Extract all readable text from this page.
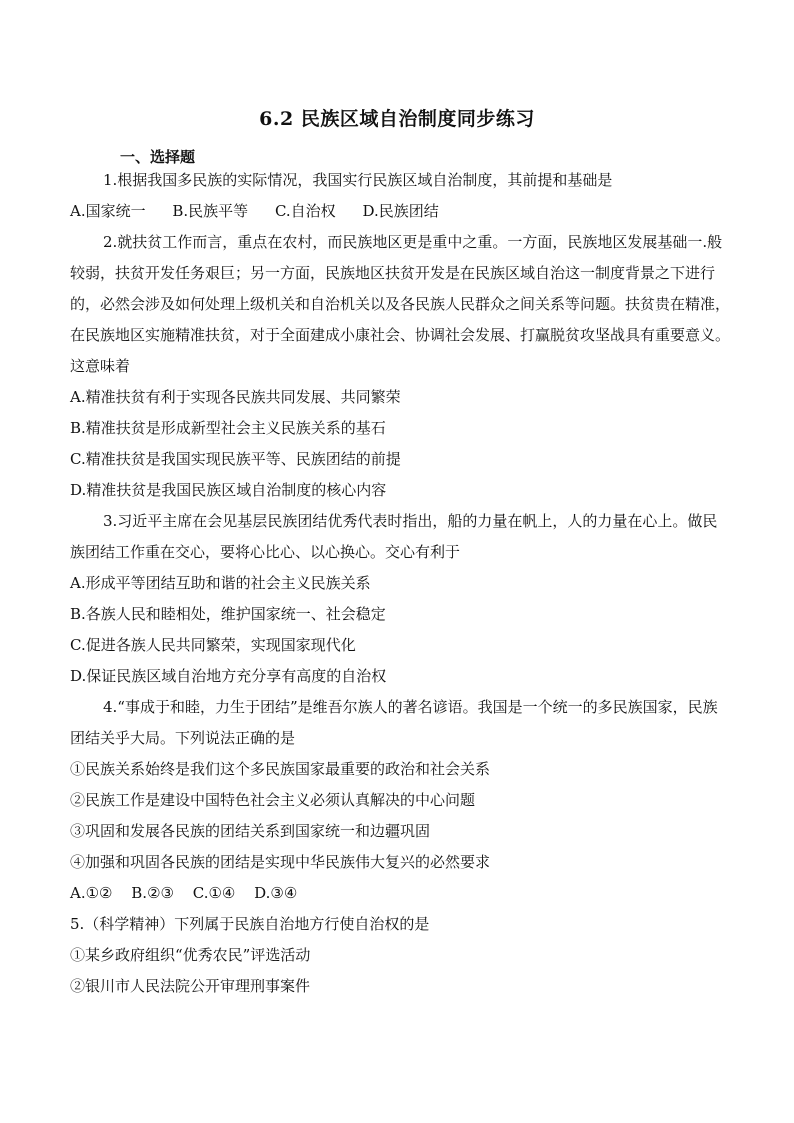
6.2 民族区域自治制度同步练习
一、选择题

1.根据我国多民族的实际情况，我国实行民族区域自治制度，其前提和基础是

A.国家统一 B.民族平等 C.自治权 D.民族团结

2.就扶贫工作而言，重点在农村，而民族地区更是重中之重。一方面，民族地区发展基础一.般较弱，扶贫开发任务艰巨；另一方面，民族地区扶贫开发是在民族区域自治这一制度背景之下进行的，必然会涉及如何处理上级机关和自治机关以及各民族人民群众之间关系等问题。扶贫贵在精准，在民族地区实施精准扶贫，对于全面建成小康社会、协调社会发展、打赢脱贫攻坚战具有重要意义。这意味着

A.精准扶贫有利于实现各民族共同发展、共同繁荣

B.精准扶贫是形成新型社会主义民族关系的基石

C.精准扶贫是我国实现民族平等、民族团结的前提

D.精准扶贫是我国民族区域自治制度的核心内容

3.习近平主席在会见基层民族团结优秀代表时指出，船的力量在帆上，人的力量在心上。做民族团结工作重在交心，要将心比心、以心换心。交心有利于

A.形成平等团结互助和谐的社会主义民族关系

B.各族人民和睦相处，维护国家统一、社会稳定

C.促进各族人民共同繁荣，实现国家现代化

D.保证民族区域自治地方充分享有高度的自治权

4.“事成于和睦，力生于团结”是维吾尔族人的著名谚语。我国是一个统一的多民族国家，民族团结关乎大局。下列说法正确的是

①民族关系始终是我们这个多民族国家最重要的政治和社会关系

②民族工作是建设中国特色社会主义必须认真解决的中心问题

③巩固和发展各民族的团结关系到国家统一和边疆巩固

④加强和巩固各民族的团结是实现中华民族伟大复兴的必然要求

A.①② B.②③ C.①④ D.③④

5.（科学精神）下列属于民族自治地方行使自治权的是

①某乡政府组织“优秀农民”评选活动

②银川市人民法院公开审理刑事案件
